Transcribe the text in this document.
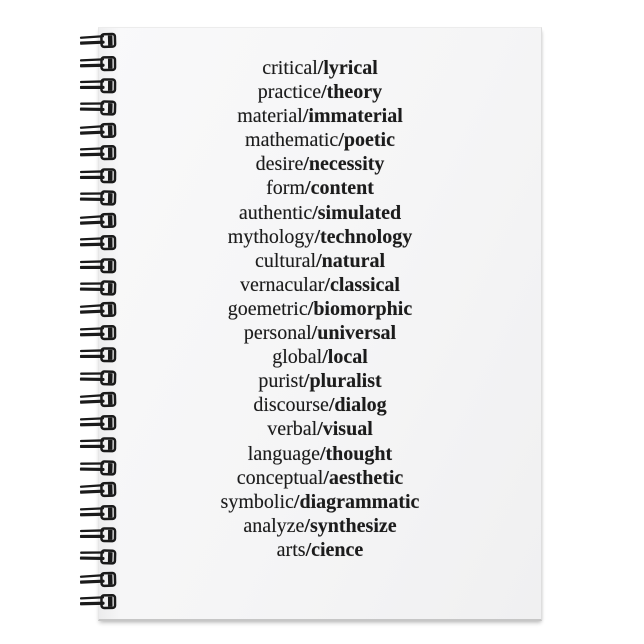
critical/lyrical
practice/theory
material/immaterial
mathematic/poetic
desire/necessity
form/content
authentic/simulated
mythology/technology
cultural/natural
vernacular/classical
goemetric/biomorphic
personal/universal
global/local
purist/pluralist
discourse/dialog
verbal/visual
language/thought
conceptual/aesthetic
symbolic/diagrammatic
analyze/synthesize
arts/cience
